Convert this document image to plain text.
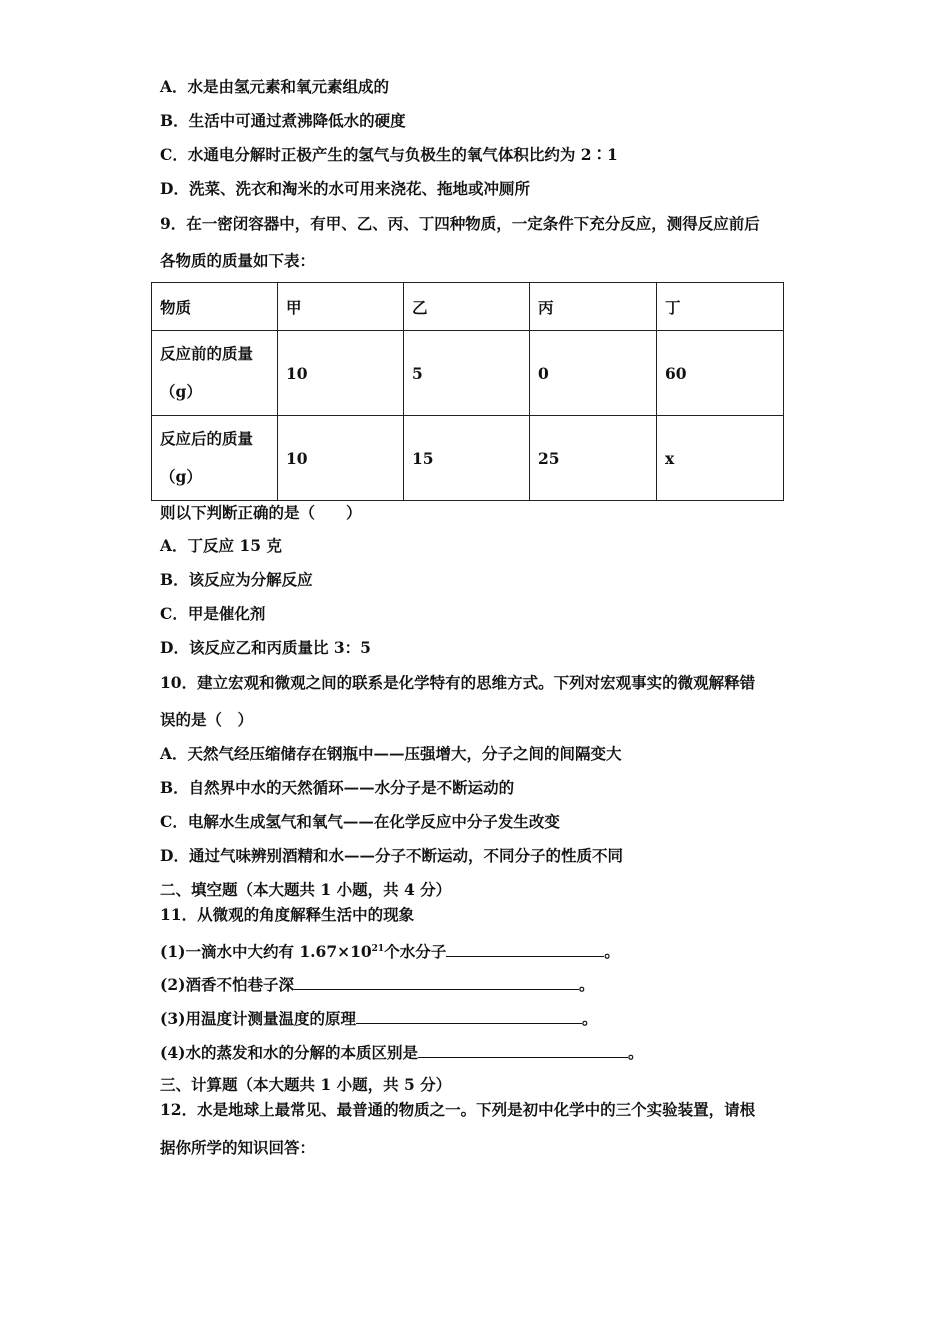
A．水是由氢元素和氧元素组成的
B．生活中可通过煮沸降低水的硬度
C．水通电分解时正极产生的氢气与负极生的氧气体积比约为 2∶1
D．洗菜、洗衣和淘米的水可用来浇花、拖地或冲厕所
9．在一密闭容器中，有甲、乙、丙、丁四种物质，一定条件下充分反应，测得反应前后
各物质的质量如下表：
物质	甲	乙	丙	丁

反应前的质量
（g）	10	5	0	60

反应后的质量
（g）	10	15	25	x
则以下判断正确的是（　　）
A．丁反应 15 克
B．该反应为分解反应
C．甲是催化剂
D．该反应乙和丙质量比 3：5
10．建立宏观和微观之间的联系是化学特有的思维方式。下列对宏观事实的微观解释错
误的是（　）
A．天然气经压缩储存在钢瓶中——压强增大，分子之间的间隔变大
B．自然界中水的天然循环——水分子是不断运动的
C．电解水生成氢气和氧气——在化学反应中分子发生改变
D．通过气味辨别酒精和水——分子不断运动，不同分子的性质不同
二、填空题（本大题共 1 小题，共 4 分）
11．从微观的角度解释生活中的现象
(1)一滴水中大约有 $1.67\times 10^{21}$个水分子	。
(2)酒香不怕巷子深	。
(3)用温度计测量温度的原理	。
(4)水的蒸发和水的分解的本质区别是	。
三、计算题（本大题共 1 小题，共 5 分）
12．水是地球上最常见、最普通的物质之一。下列是初中化学中的三个实验装置，请根
据你所学的知识回答：
